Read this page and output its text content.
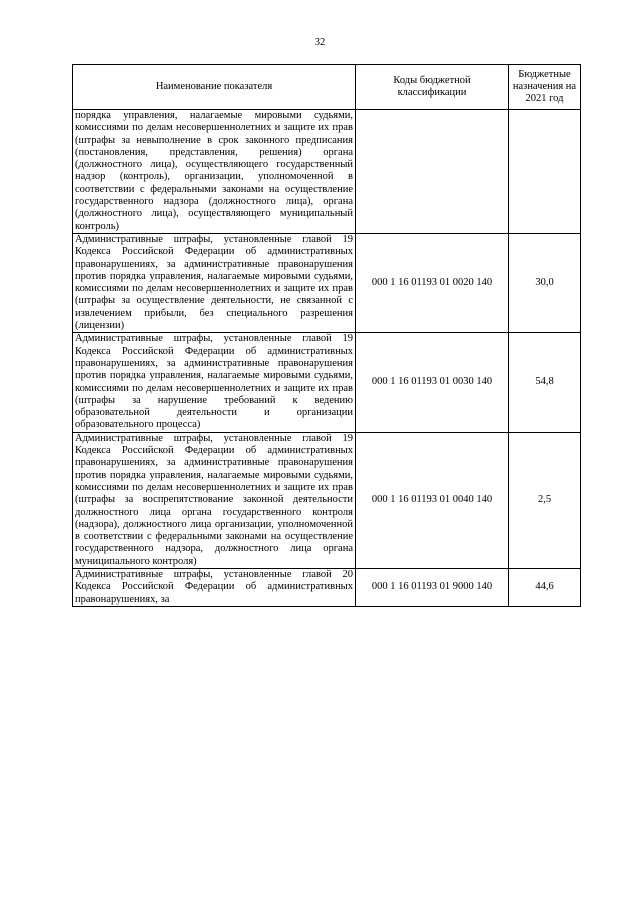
32
Наименование показателя	Коды бюджетной классификации	Бюджетные назначения на 2021 год
порядка управления, налагаемые мировыми судьями, комиссиями по делам несовершеннолетних и защите их прав (штрафы за невыполнение в срок законного предписания (постановления, представления, решения) органа (должностного лица), осуществляющего государственный надзор (контроль), организации, уполномоченной в соответствии с федеральными законами на осуществление государственного надзора (должностного лица), органа (должностного лица), осуществляющего муниципальный контроль)		
Административные штрафы, установленные главой 19 Кодекса Российской Федерации об административных правонарушениях, за административные правонарушения против порядка управления, налагаемые мировыми судьями, комиссиями по делам несовершеннолетних и защите их прав (штрафы за осуществление деятельности, не связанной с извлечением прибыли, без специального разрешения (лицензии)	000 1 16 01193 01 0020 140	30,0
Административные штрафы, установленные главой 19 Кодекса Российской Федерации об административных правонарушениях, за административные правонарушения против порядка управления, налагаемые мировыми судьями, комиссиями по делам несовершеннолетних и защите их прав (штрафы за нарушение требований к ведению образовательной деятельности и организации образовательного процесса)	000 1 16 01193 01 0030 140	54,8
Административные штрафы, установленные главой 19 Кодекса Российской Федерации об административных правонарушениях, за административные правонарушения против порядка управления, налагаемые мировыми судьями, комиссиями по делам несовершеннолетних и защите их прав (штрафы за воспрепятствование законной деятельности должностного лица органа государственного контроля (надзора), должностного лица организации, уполномоченной в соответствии с федеральными законами на осуществление государственного надзора, должностного лица органа муниципального контроля)	000 1 16 01193 01 0040 140	2,5
Административные штрафы, установленные главой 20 Кодекса Российской Федерации об административных правонарушениях, за	000 1 16 01193 01 9000 140	44,6
